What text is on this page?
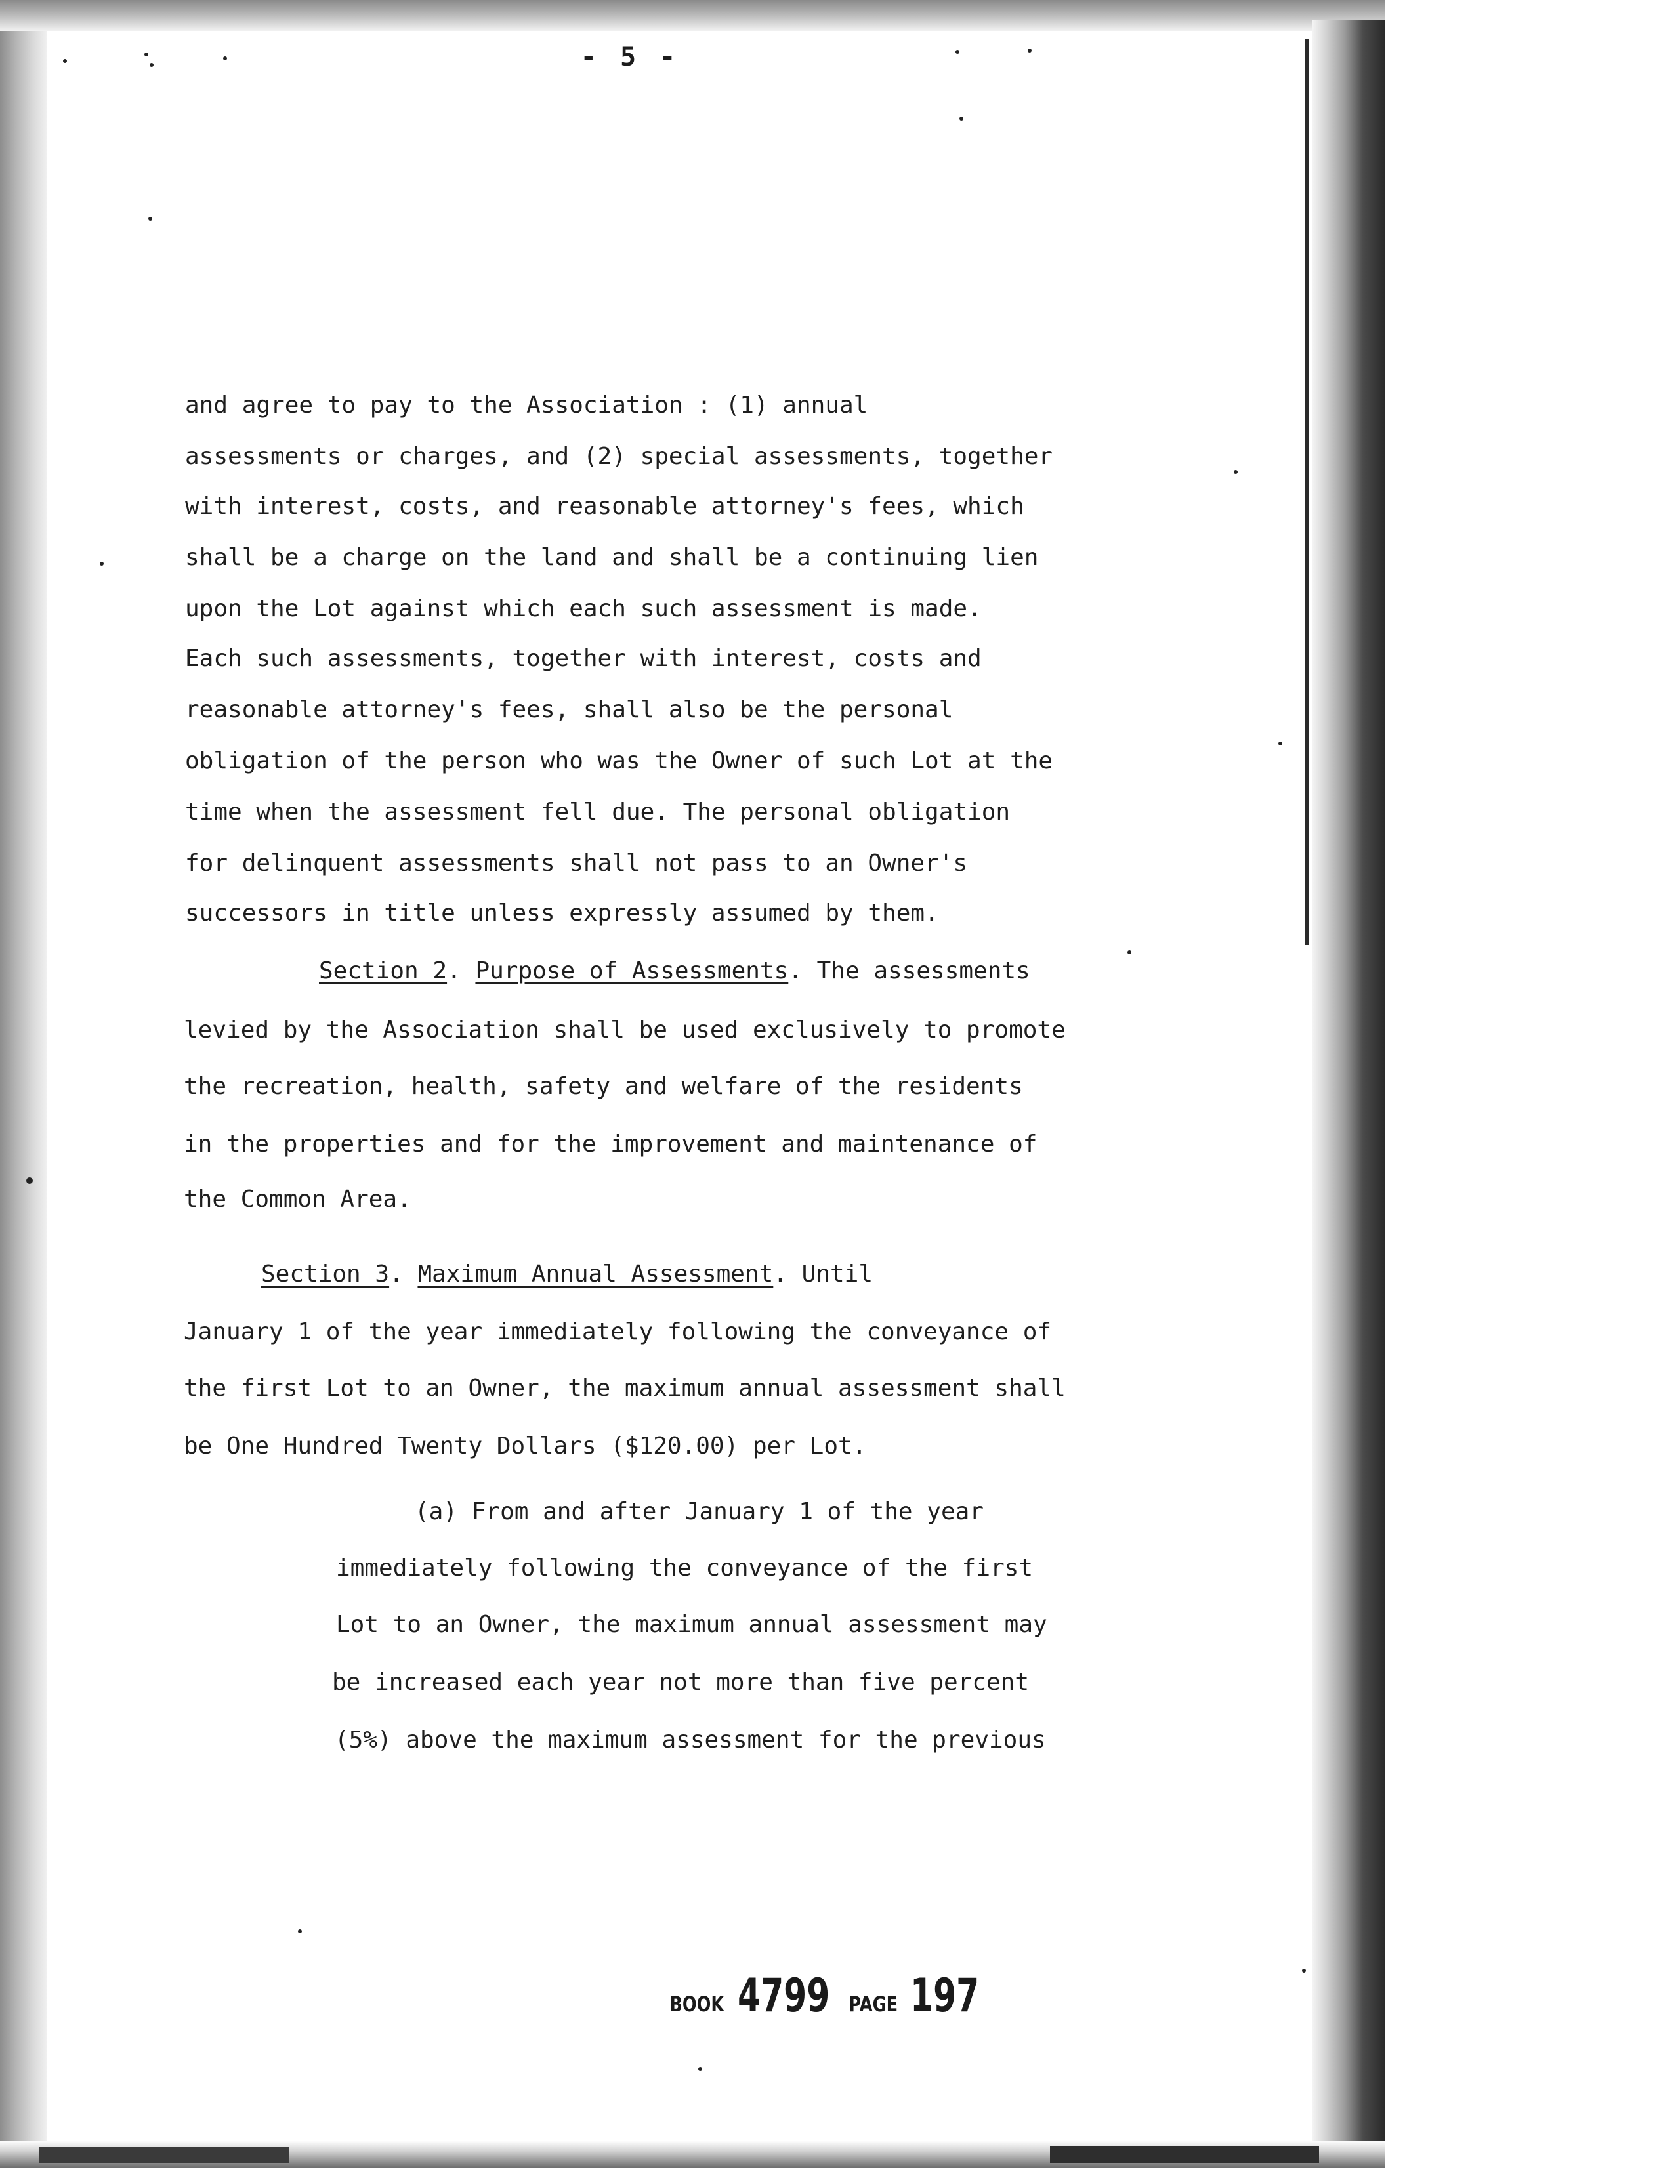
- 5 -
and agree to pay to the Association : (1) annual
assessments or charges, and (2) special assessments, together
with interest, costs, and reasonable attorney's fees, which
shall be a charge on the land and shall be a continuing lien
upon the Lot against which each such assessment is made.
Each such assessments, together with interest, costs and
reasonable attorney's fees, shall also be the personal
obligation of the person who was the Owner of such Lot at the
time when the assessment fell due. The personal obligation
for delinquent assessments shall not pass to an Owner's
successors in title unless expressly assumed by them.
Section 2. Purpose of Assessments. The assessments
levied by the Association shall be used exclusively to promote
the recreation, health, safety and welfare of the residents
in the properties and for the improvement and maintenance of
the Common Area.
Section 3. Maximum Annual Assessment. Until
January 1 of the year immediately following the conveyance of
the first Lot to an Owner, the maximum annual assessment shall
be One Hundred Twenty Dollars ($120.00) per Lot.
(a) From and after January 1 of the year
immediately following the conveyance of the first
Lot to an Owner, the maximum annual assessment may
be increased each year not more than five percent
(5%) above the maximum assessment for the previous
BOOK 4799 PAGE 197
